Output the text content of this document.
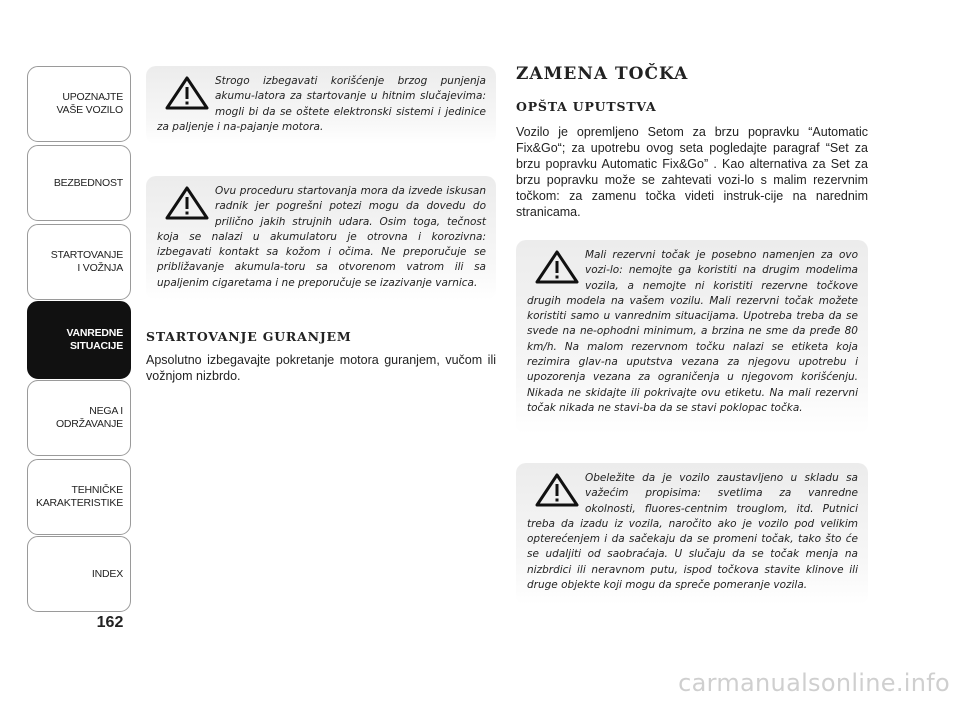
UPOZNAJTE
VAŠE VOZILO
BEZBEDNOST
STARTOVANJE
I VOŽNJA
VANREDNE
SITUACIJE
NEGA I
ODRŽAVANJE
TEHNIČKE
KARAKTERISTIKE
INDEX
162

Strogo izbegavati korišćenje brzog punjenja akumu-latora za startovanje u hitnim slučajevima: mogli bi da se oštete elektronski sistemi i jedinice za paljenje i na-pajanje motora.

Ovu proceduru startovanja mora da izvede iskusan radnik jer pogrešni potezi mogu da dovedu do prilično jakih strujnih udara. Osim toga, tečnost koja se nalazi u akumulatoru je otrovna i korozivna: izbegavati kontakt sa kožom i očima. Ne preporučuje se približavanje akumula-toru sa otvorenom vatrom ili sa upaljenim cigaretama i ne preporučuje se izazivanje varnica.

STARTOVANJE GURANJEM

Apsolutno izbegavajte pokretanje motora guranjem, vučom ili vožnjom nizbrdo.

ZAMENA TOČKA
OPŠTA UPUTSTVA

Vozilo je opremljeno Setom za brzu popravku “Automatic Fix&Go“; za upotrebu ovog seta pogledajte paragraf “Set za brzu popravku Automatic Fix&Go” . Kao alternativa za Set za brzu popravku može se zahtevati vozi-lo s malim rezervnim točkom: za zamenu točka videti instruk-cije na narednim stranicama.

Mali rezervni točak je posebno namenjen za ovo vozi-lo: nemojte ga koristiti na drugim modelima vozila, a nemojte ni koristiti rezervne točkove drugih modela na vašem vozilu. Mali rezervni točak možete koristiti samo u vanrednim situacijama. Upotreba treba da se svede na ne-ophodni minimum, a brzina ne sme da pređe 80 km/h. Na malom rezervnom točku nalazi se etiketa koja rezimira glav-na uputstva vezana za njegovu upotrebu i upozorenja vezana za ograničenja u njegovom korišćenju. Nikada ne skidajte ili pokrivajte ovu etiketu. Na mali rezervni točak nikada ne stavi-ba da se stavi poklopac točka.

Obeležite da je vozilo zaustavljeno u skladu sa važećim propisima: svetlima za vanredne okolnosti, fluores-centnim trouglom, itd. Putnici treba da izadu iz vozila, naročito ako je vozilo pod velikim opterećenjem i da sačekaju da se promeni točak, tako što će se udaljiti od saobraćaja. U slučaju da se točak menja na nizbrdici ili neravnom putu, ispod točkova stavite klinove ili druge objekte koji mogu da spreče pomeranje vozila.

carmanualsonline.info
